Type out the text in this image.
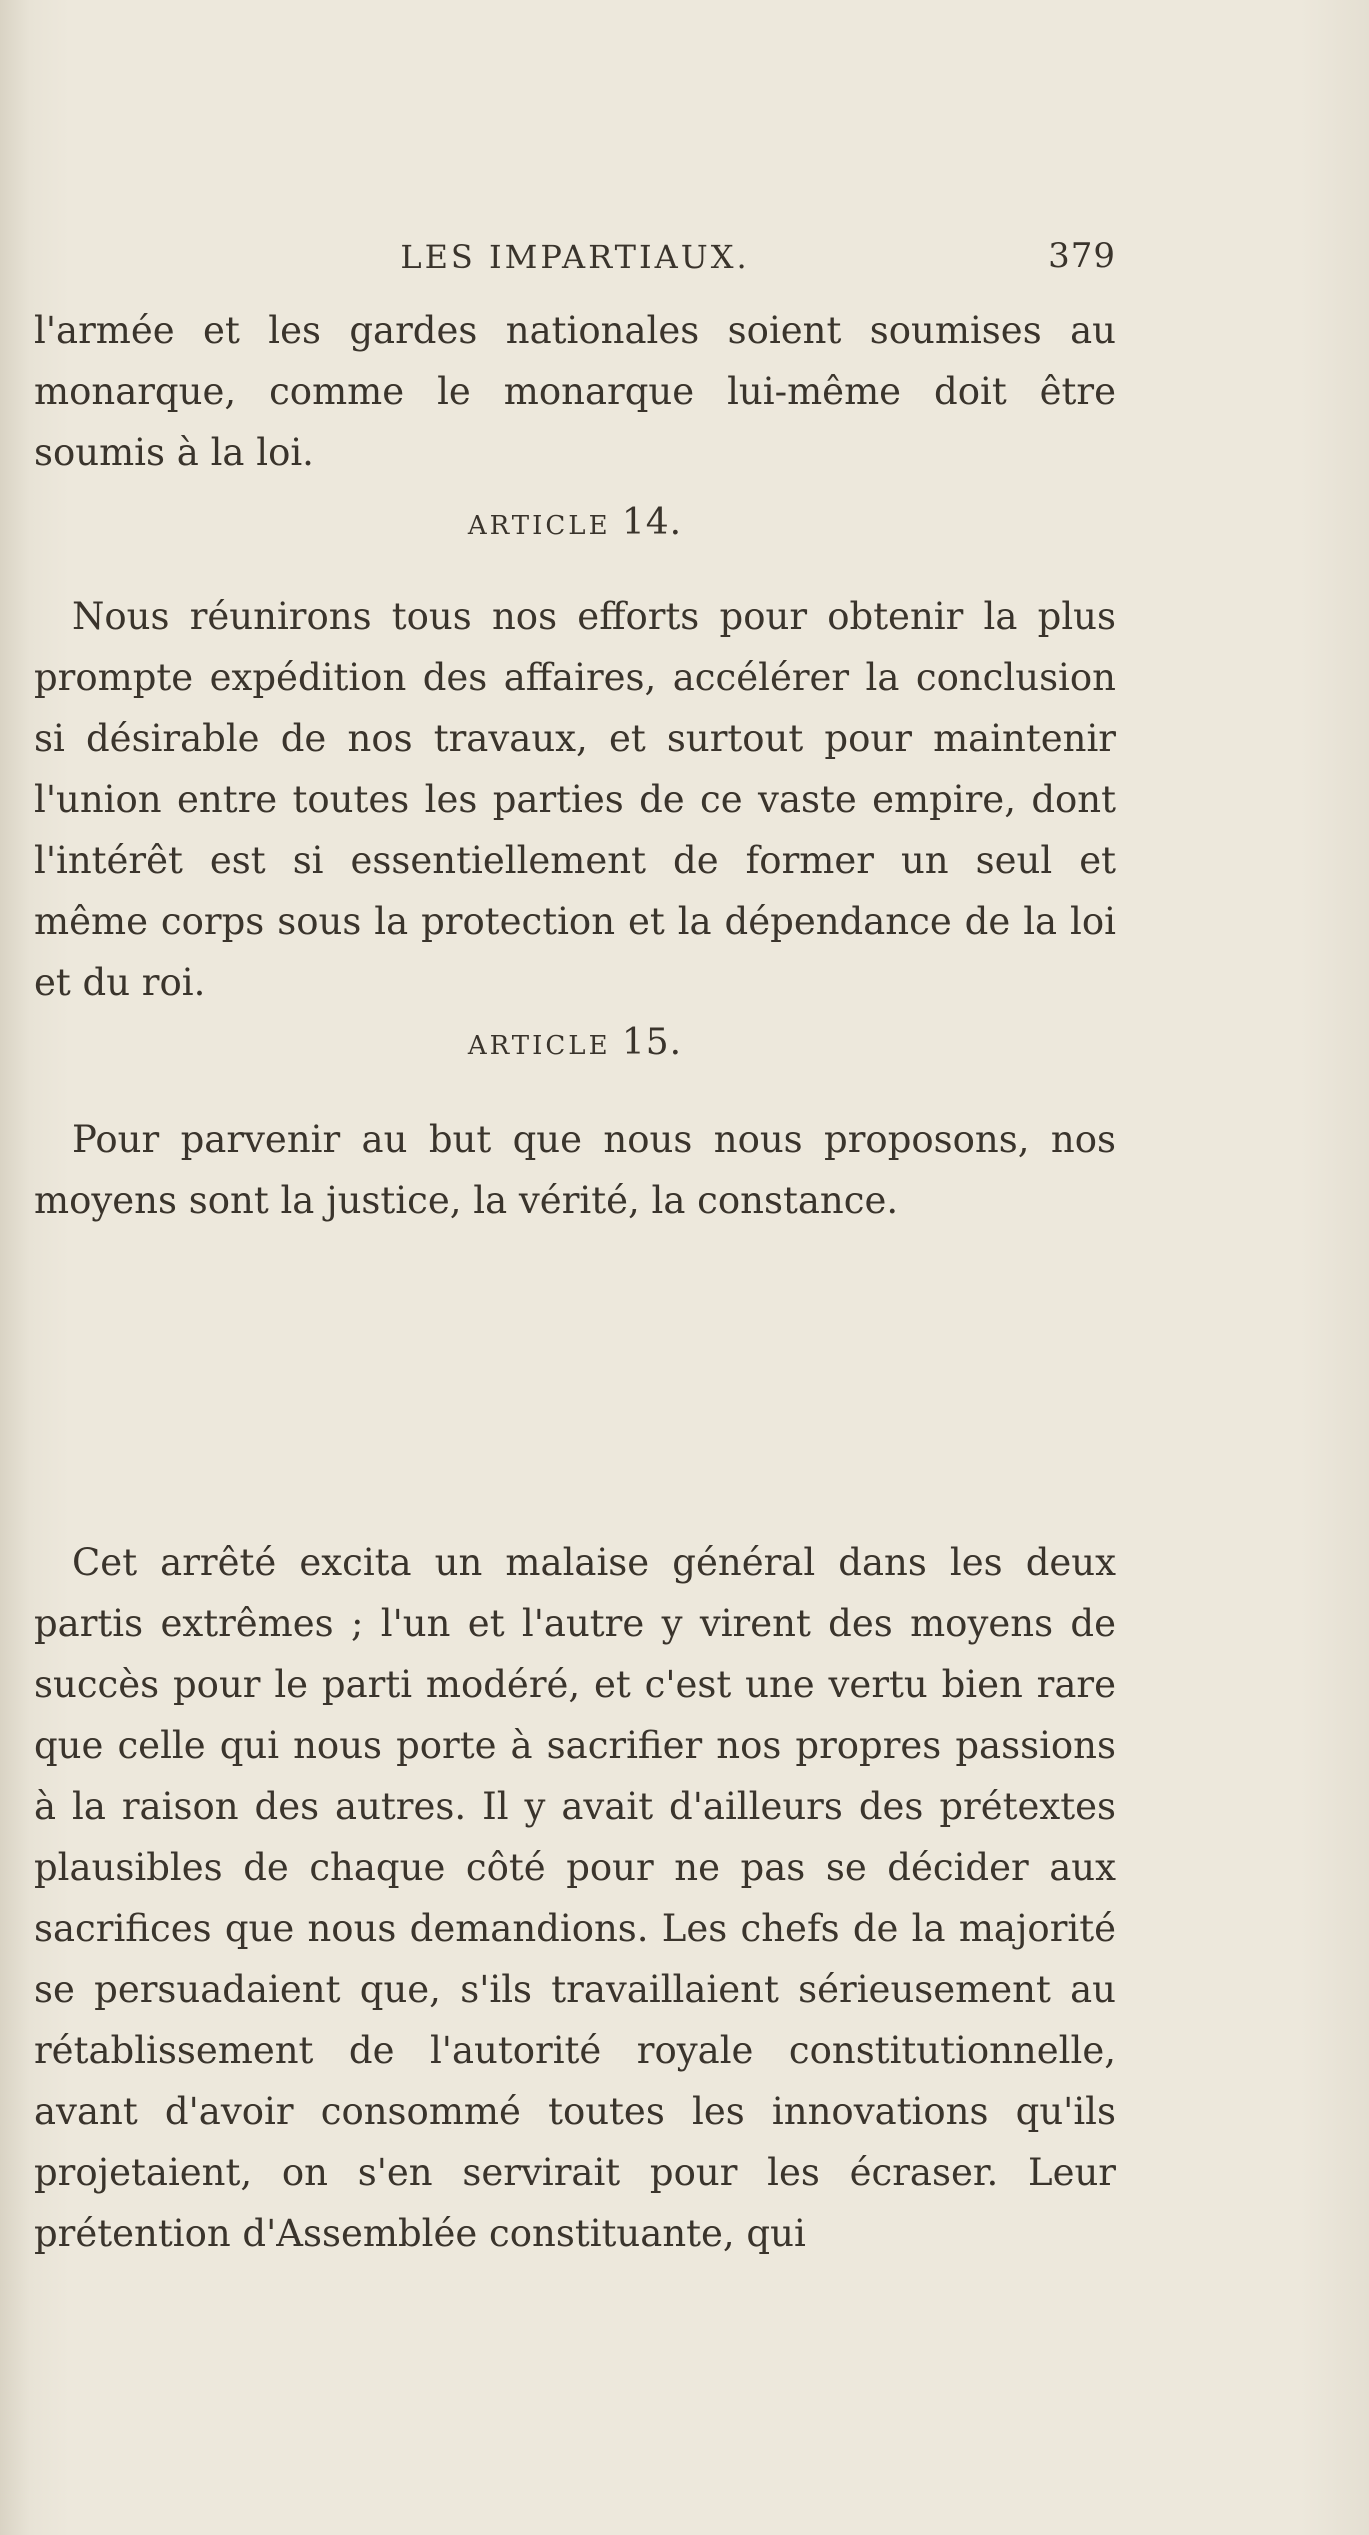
LES IMPARTIAUX.	379

l'armée et les gardes nationales soient soumises au monarque, comme le monarque lui-même doit être soumis à la loi.

ARTICLE 14.

Nous réunirons tous nos efforts pour obtenir la plus prompte expédition des affaires, accélérer la conclusion si désirable de nos travaux, et surtout pour maintenir l'union entre toutes les parties de ce vaste empire, dont l'intérêt est si essentiellement de former un seul et même corps sous la protection et la dépendance de la loi et du roi.

ARTICLE 15.

Pour parvenir au but que nous nous proposons, nos moyens sont la justice, la vérité, la constance.

Cet arrêté excita un malaise général dans les deux partis extrêmes ; l'un et l'autre y virent des moyens de succès pour le parti modéré, et c'est une vertu bien rare que celle qui nous porte à sacrifier nos propres passions à la raison des autres. Il y avait d'ailleurs des prétextes plausibles de chaque côté pour ne pas se décider aux sacrifices que nous demandions. Les chefs de la majorité se persuadaient que, s'ils travaillaient sérieusement au rétablissement de l'autorité royale constitutionnelle, avant d'avoir consommé toutes les innovations qu'ils projetaient, on s'en servirait pour les écraser. Leur prétention d'Assemblée constituante, qui
